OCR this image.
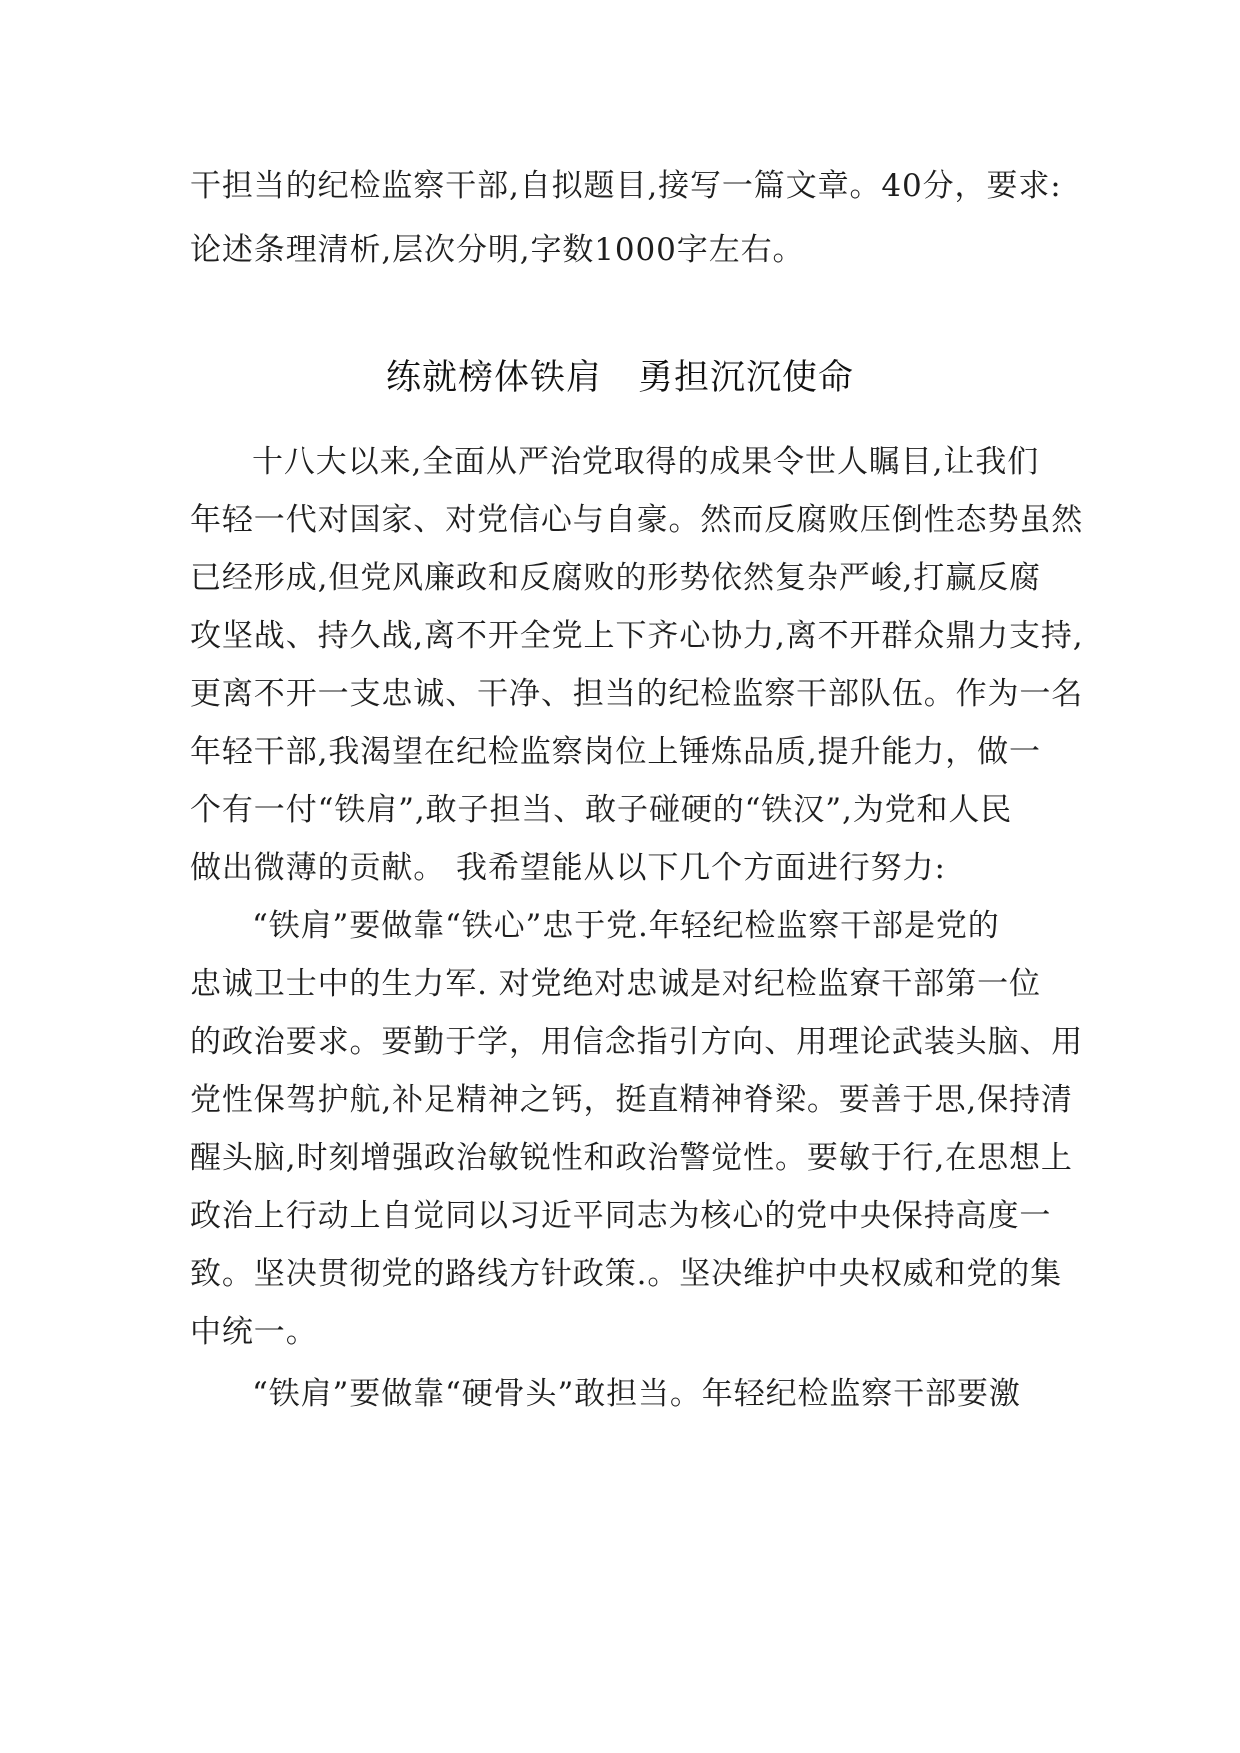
干担当的纪检监察干部,自拟题目,接写一篇文章。40分，要求:
论述条理清析,层次分明,字数1000字左右。
练就榜体铁肩　勇担沉沉使命
十八大以来,全面从严治党取得的成果令世人瞩目,让我们
年轻一代对国家、对党信心与自豪。然而反腐败压倒性态势虽然
已经形成,但党风廉政和反腐败的形势依然复杂严峻,打赢反腐
攻坚战、持久战,离不开全党上下齐心协力,离不开群众鼎力支持,
更离不开一支忠诚、干净、担当的纪检监察干部队伍。作为一名
年轻干部,我渴望在纪检监察岗位上锤炼品质,提升能力，做一
个有一付“铁肩”,敢子担当、敢子碰硬的“铁汉”,为党和人民
做出微薄的贡献。 我希望能从以下几个方面进行努力:
“铁肩”要做靠“铁心”忠于党.年轻纪检监察干部是党的
忠诚卫士中的生力军. 对党绝对忠诚是对纪检监寮干部第一位
的政治要求。要勤于学，用信念指引方向、用理论武装头脑、用
党性保驾护航,补足精神之钙，挺直精神脊梁。要善于思,保持清
醒头脑,时刻增强政治敏锐性和政治警觉性。要敏于行,在思想上
政治上行动上自觉同以习近平同志为核心的党中央保持高度一
致。坚决贯彻党的路线方针政策.。坚决维护中央权威和党的集
中统一。
“铁肩”要做靠“硬骨头”敢担当。年轻纪检监察干部要激
